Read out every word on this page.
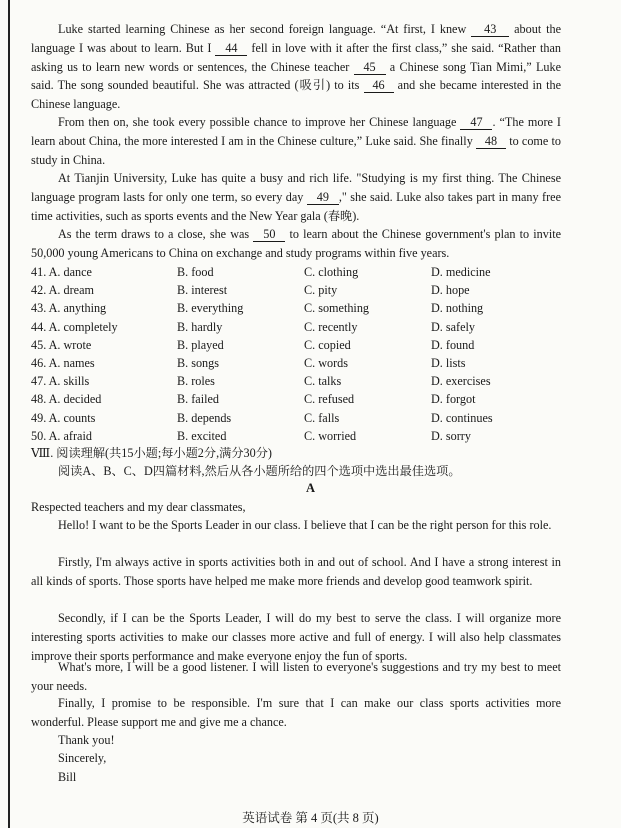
Luke started learning Chinese as her second foreign language. “At first, I knew 43 about the language I was about to learn. But I 44 fell in love with it after the first class,” she said. “Rather than asking us to learn new words or sentences, the Chinese teacher 45 a Chinese song Tian Mimi,” Luke said. The song sounded beautiful. She was attracted (吸引) to its 46 and she became interested in the Chinese language.

From then on, she took every possible chance to improve her Chinese language 47 . “The more I learn about China, the more interested I am in the Chinese culture,” Luke said. She finally 48 to come to study in China.

At Tianjin University, Luke has quite a busy and rich life. "Studying is my first thing. The Chinese language program lasts for only one term, so every day 49 ," she said. Luke also takes part in many free time activities, such as sports events and the New Year gala (春晚).

As the term draws to a close, she was 50 to learn about the Chinese government's plan to invite 50,000 young Americans to China on exchange and study programs within five years.

41. A. dance	B. food	C. clothing	D. medicine
42. A. dream	B. interest	C. pity	D. hope
43. A. anything	B. everything	C. something	D. nothing
44. A. completely	B. hardly	C. recently	D. safely
45. A. wrote	B. played	C. copied	D. found
46. A. names	B. songs	C. words	D. lists
47. A. skills	B. roles	C. talks	D. exercises
48. A. decided	B. failed	C. refused	D. forgot
49. A. counts	B. depends	C. falls	D. continues
50. A. afraid	B. excited	C. worried	D. sorry
Ⅷ. 阅读理解(共15小题;每小题2分,满分30分)
阅读A、B、C、D四篇材料,然后从各小题所给的四个选项中选出最佳选项。
A

Respected teachers and my dear classmates,

Hello! I want to be the Sports Leader in our class. I believe that I can be the right person for this role.

Firstly, I'm always active in sports activities both in and out of school. And I have a strong interest in all kinds of sports. Those sports have helped me make more friends and develop good teamwork spirit.

Secondly, if I can be the Sports Leader, I will do my best to serve the class. I will organize more interesting sports activities to make our classes more active and full of energy. I will also help classmates improve their sports performance and make everyone enjoy the fun of sports.

What's more, I will be a good listener. I will listen to everyone's suggestions and try my best to meet your needs.

Finally, I promise to be responsible. I'm sure that I can make our class sports activities more wonderful. Please support me and give me a chance.

Thank you!
Sincerely,
Bill
英语试卷 第 4 页(共 8 页)
